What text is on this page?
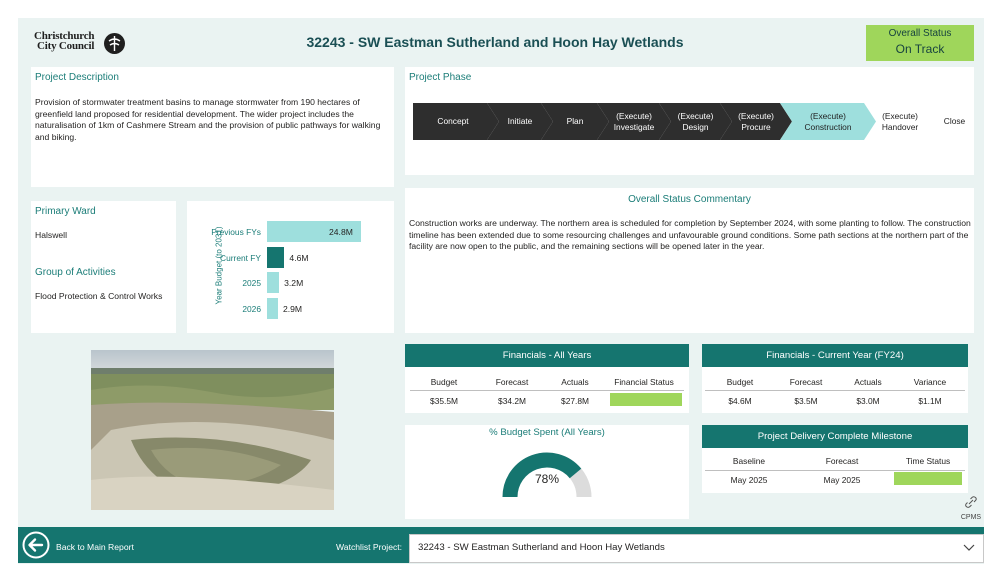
Christchurch
City Council	32243 - SW Eastman Sutherland and Hoon Hay Wetlands
Overall Status
On Track
Project Description
Provision of stormwater treatment basins to manage stormwater from 190 hectares of greenfield land proposed for residential development. The wider project includes the naturalisation of 1km of Cashmere Stream and the provision of public pathways for walking and biking.
Project Phase
Concept	Initiate	Plan
(Execute)
Investigate
(Execute)
Design
(Execute)
Procure
(Execute)
Construction
(Execute)
Handover
Close
Primary Ward
Halswell
Group of Activities
Flood Protection & Control Works	Year Budget (to 2031)
Previous FYs	24.8M
Current FY	4.6M
2025	3.2M
2026	2.9M
Overall Status Commentary
Construction works are underway. The northern area is scheduled for completion by September 2024, with some planting to follow. The construction timeline has been extended due to some resourcing challenges and unfavourable ground conditions. Some path sections at the northern part of the facility are now open to the public, and the remaining sections will be opened later in the year.
Financials - All Years
Budget	Forecast	Actuals	Financial Status
$35.5M	$34.2M	$27.8M
Financials - Current Year (FY24)
Budget	Forecast	Actuals	Variance
$4.6M	$3.5M	$3.0M	$1.1M
% Budget Spent (All Years)
78%
Project Delivery Complete Milestone
Baseline	Forecast	Time Status
May 2025	May 2025
CPMS
Back to Main Report	Watchlist Project: 32243 - SW Eastman Sutherland and Hoon Hay Wetlands
